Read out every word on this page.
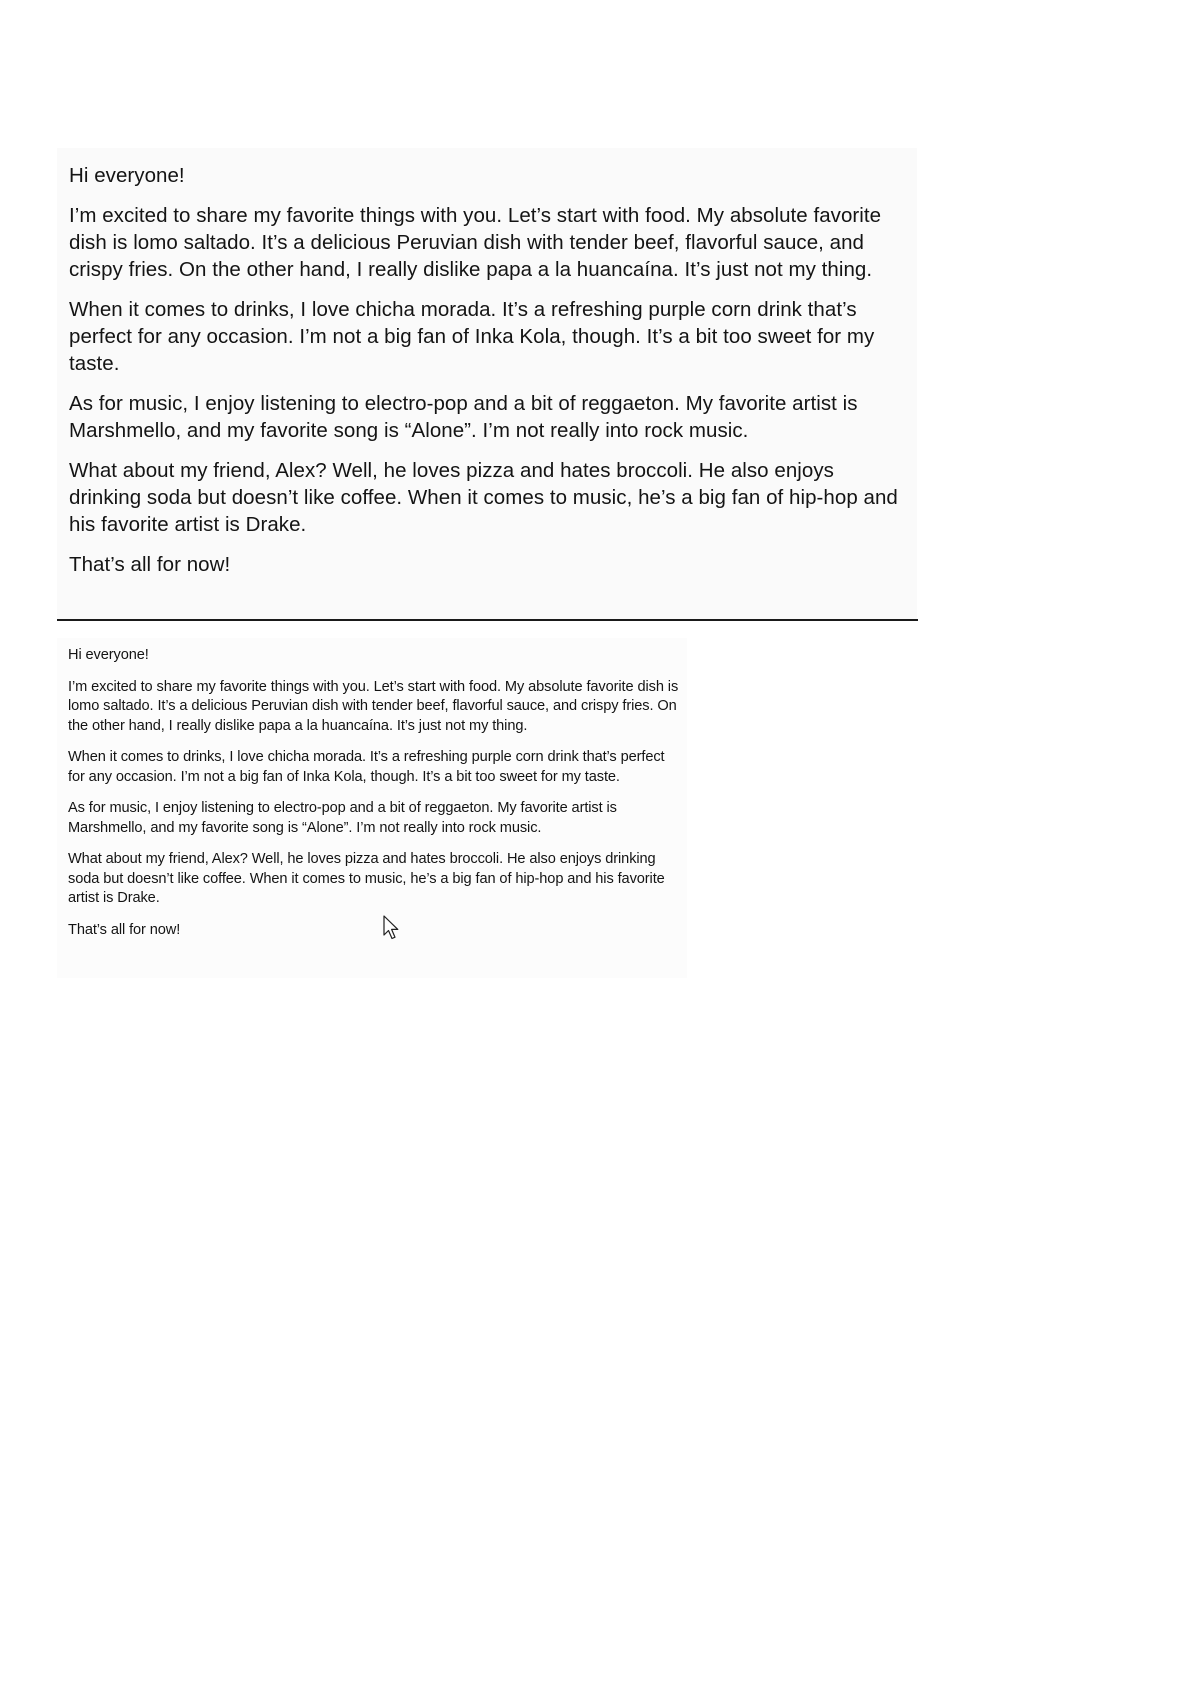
Hi everyone!

I’m excited to share my favorite things with you. Let’s start with food. My absolute favorite dish is lomo saltado. It’s a delicious Peruvian dish with tender beef, flavorful sauce, and crispy fries. On the other hand, I really dislike papa a la huancaína. It’s just not my thing.

When it comes to drinks, I love chicha morada. It’s a refreshing purple corn drink that’s perfect for any occasion. I’m not a big fan of Inka Kola, though. It’s a bit too sweet for my taste.

As for music, I enjoy listening to electro-pop and a bit of reggaeton. My favorite artist is Marshmello, and my favorite song is “Alone”. I’m not really into rock music.

What about my friend, Alex? Well, he loves pizza and hates broccoli. He also enjoys drinking soda but doesn’t like coffee. When it comes to music, he’s a big fan of hip-hop and his favorite artist is Drake.

That’s all for now!

Hi everyone!

I’m excited to share my favorite things with you. Let’s start with food. My absolute favorite dish is lomo saltado. It’s a delicious Peruvian dish with tender beef, flavorful sauce, and crispy fries. On the other hand, I really dislike papa a la huancaína. It’s just not my thing.

When it comes to drinks, I love chicha morada. It’s a refreshing purple corn drink that’s perfect for any occasion. I’m not a big fan of Inka Kola, though. It’s a bit too sweet for my taste.

As for music, I enjoy listening to electro-pop and a bit of reggaeton. My favorite artist is Marshmello, and my favorite song is “Alone”. I’m not really into rock music.

What about my friend, Alex? Well, he loves pizza and hates broccoli. He also enjoys drinking soda but doesn’t like coffee. When it comes to music, he’s a big fan of hip-hop and his favorite artist is Drake.

That’s all for now!
